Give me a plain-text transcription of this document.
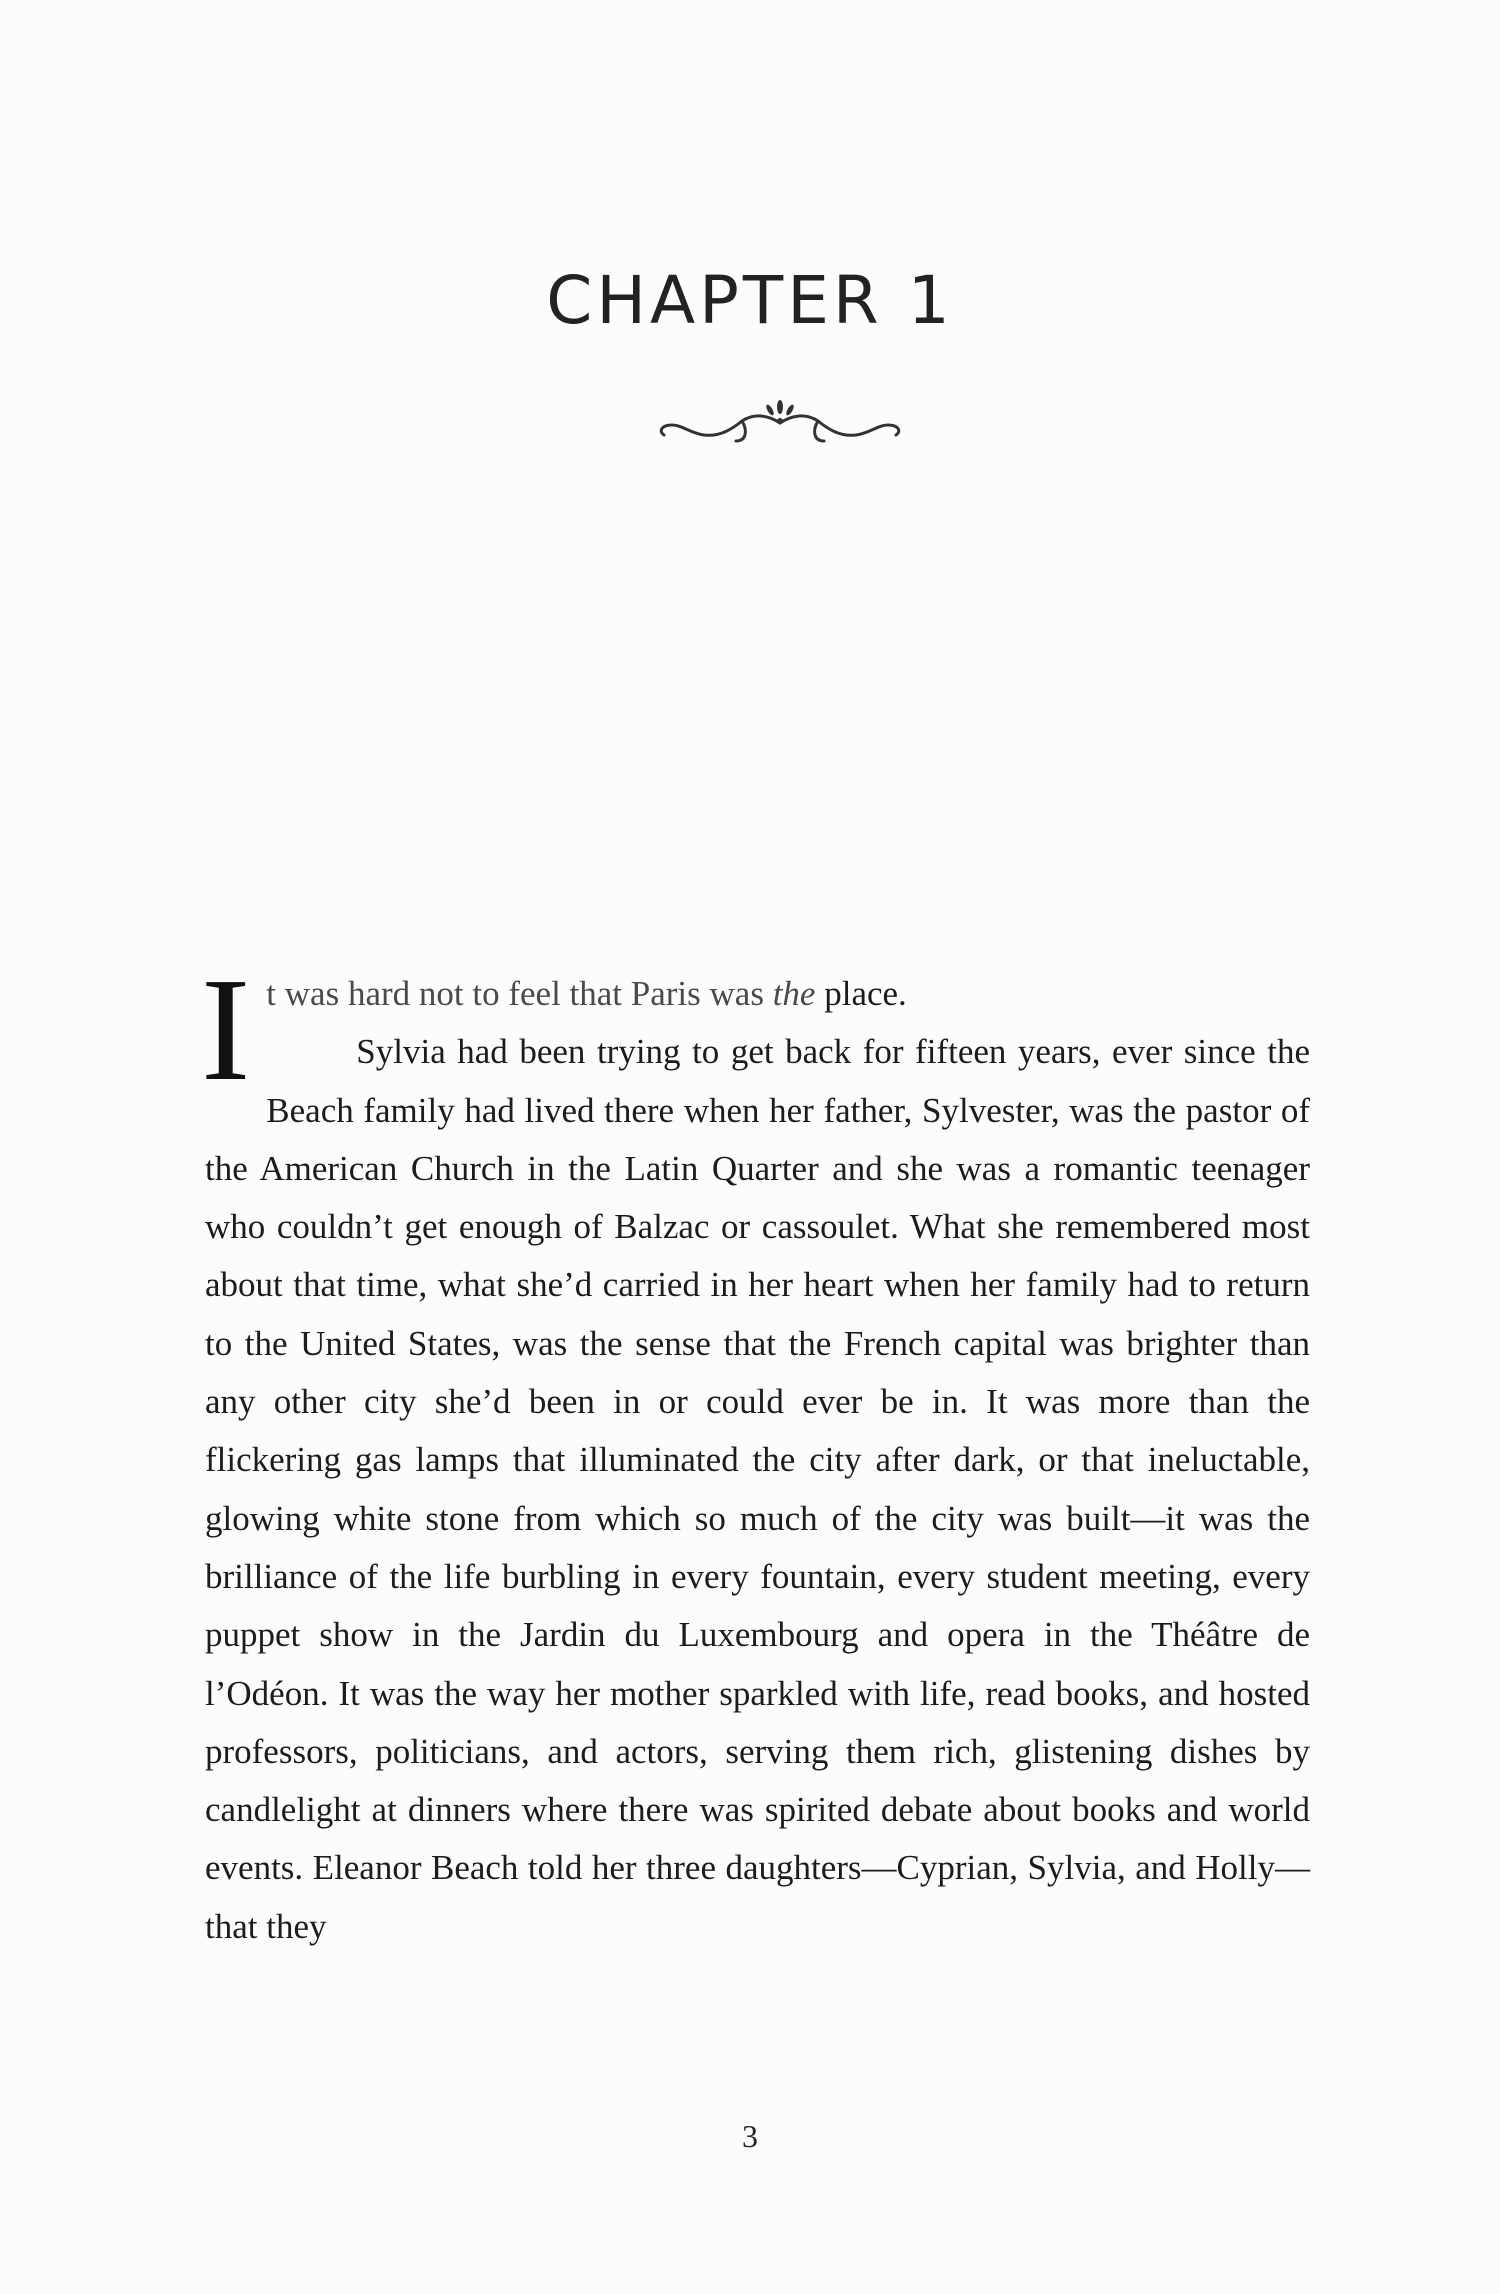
CHAPTER 1

It was hard not to feel that Paris was the place.

Sylvia had been trying to get back for fifteen years, ever since the Beach family had lived there when her father, Sylvester, was the pastor of the American Church in the Latin Quarter and she was a romantic teenager who couldn’t get enough of Balzac or cassoulet. What she remembered most about that time, what she’d carried in her heart when her family had to return to the United States, was the sense that the French capital was brighter than any other city she’d been in or could ever be in. It was more than the flickering gas lamps that illuminated the city after dark, or that ineluctable, glowing white stone from which so much of the city was built—it was the brilliance of the life burbling in every fountain, every student meeting, every puppet show in the Jardin du Luxembourg and opera in the Théâtre de l’Odéon. It was the way her mother sparkled with life, read books, and hosted professors, politicians, and actors, serving them rich, glistening dishes by candlelight at dinners where there was spirited debate about books and world events. Eleanor Beach told her three daughters—Cyprian, Sylvia, and Holly—that they

3
